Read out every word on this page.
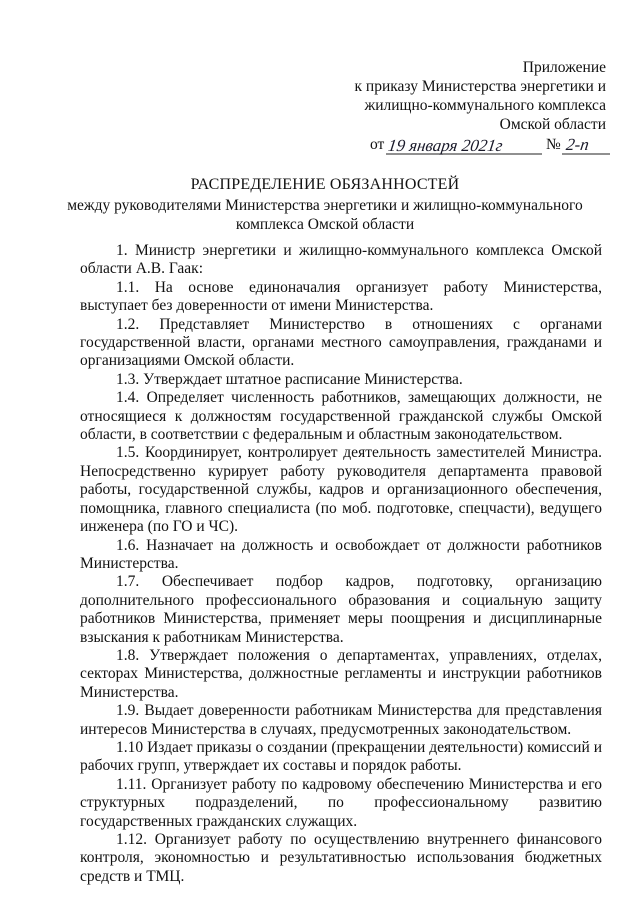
Приложение
к приказу Министерства энергетики и
жилищно-коммунального комплекса
Омской области
от	№
19 января 2021г	2-п
РАСПРЕДЕЛЕНИЕ ОБЯЗАННОСТЕЙ
между руководителями Министерства энергетики и жилищно-коммунального
комплекса Омской области

1. Министр энергетики и жилищно-коммунального комплекса Омской области А.В. Гаак:

1.1. На основе единоначалия организует работу Министерства, выступает без доверенности от имени Министерства.

1.2. Представляет Министерство в отношениях с органами государственной власти, органами местного самоуправления, гражданами и организациями Омской области.

1.3. Утверждает штатное расписание Министерства.

1.4. Определяет численность работников, замещающих должности, не относящиеся к должностям государственной гражданской службы Омской области, в соответствии с федеральным и областным законодательством.

1.5. Координирует, контролирует деятельность заместителей Министра. Непосредственно курирует работу руководителя департамента правовой работы, государственной службы, кадров и организационного обеспечения, помощника, главного специалиста (по моб. подготовке, спецчасти), ведущего инженера (по ГО и ЧС).

1.6. Назначает на должность и освобождает от должности работников Министерства.

1.7. Обеспечивает подбор кадров, подготовку, организацию дополнительного профессионального образования и социальную защиту работников Министерства, применяет меры поощрения и дисциплинарные взыскания к работникам Министерства.

1.8. Утверждает положения о департаментах, управлениях, отделах, секторах Министерства, должностные регламенты и инструкции работников Министерства.

1.9. Выдает доверенности работникам Министерства для представления интересов Министерства в случаях, предусмотренных законодательством.

1.10 Издает приказы о создании (прекращении деятельности) комиссий и рабочих групп, утверждает их составы и порядок работы.

1.11. Организует работу по кадровому обеспечению Министерства и его структурных подразделений, по профессиональному развитию государственных гражданских служащих.

1.12. Организует работу по осуществлению внутреннего финансового контроля, экономностью и результативностью использования бюджетных средств и ТМЦ.
